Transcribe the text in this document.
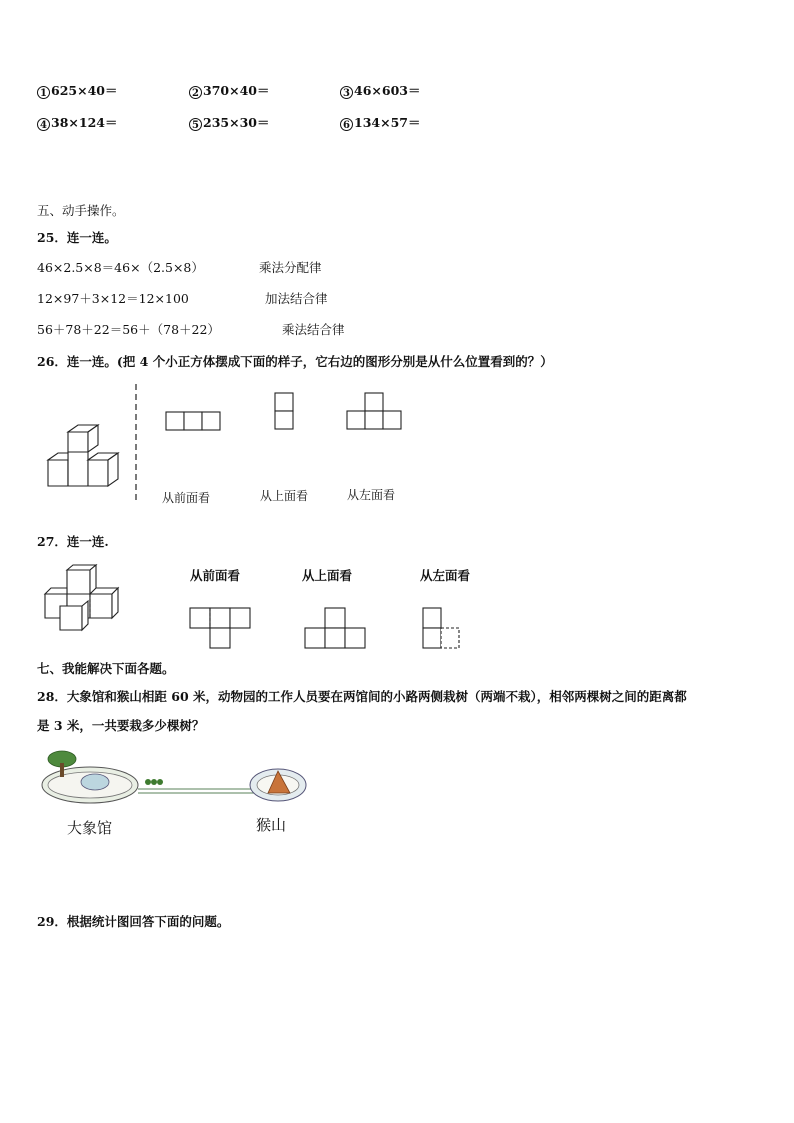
1 625×40＝	2 370×40＝	3 46×603＝
4 38×124＝	5 235×30＝	6 134×57＝
五、动手操作。
25．连一连。
46×2.5×8＝46×（2.5×8）	乘法分配律
12×97＋3×12＝12×100	加法结合律
56＋78＋22＝56＋（78＋22）	乘法结合律
26．连一连。(把 4 个小正方体摆成下面的样子，它右边的图形分别是从什么位置看到的？）
从前面看	从上面看	从左面看
27．连一连.
从前面看	从上面看	从左面看
七、我能解决下面各题。
28．大象馆和猴山相距 60 米，动物园的工作人员要在两馆间的小路两侧栽树（两端不栽），相邻两棵树之间的距离都
是 3 米，一共要栽多少棵树？
大象馆	猴山
29．根据统计图回答下面的问题。
